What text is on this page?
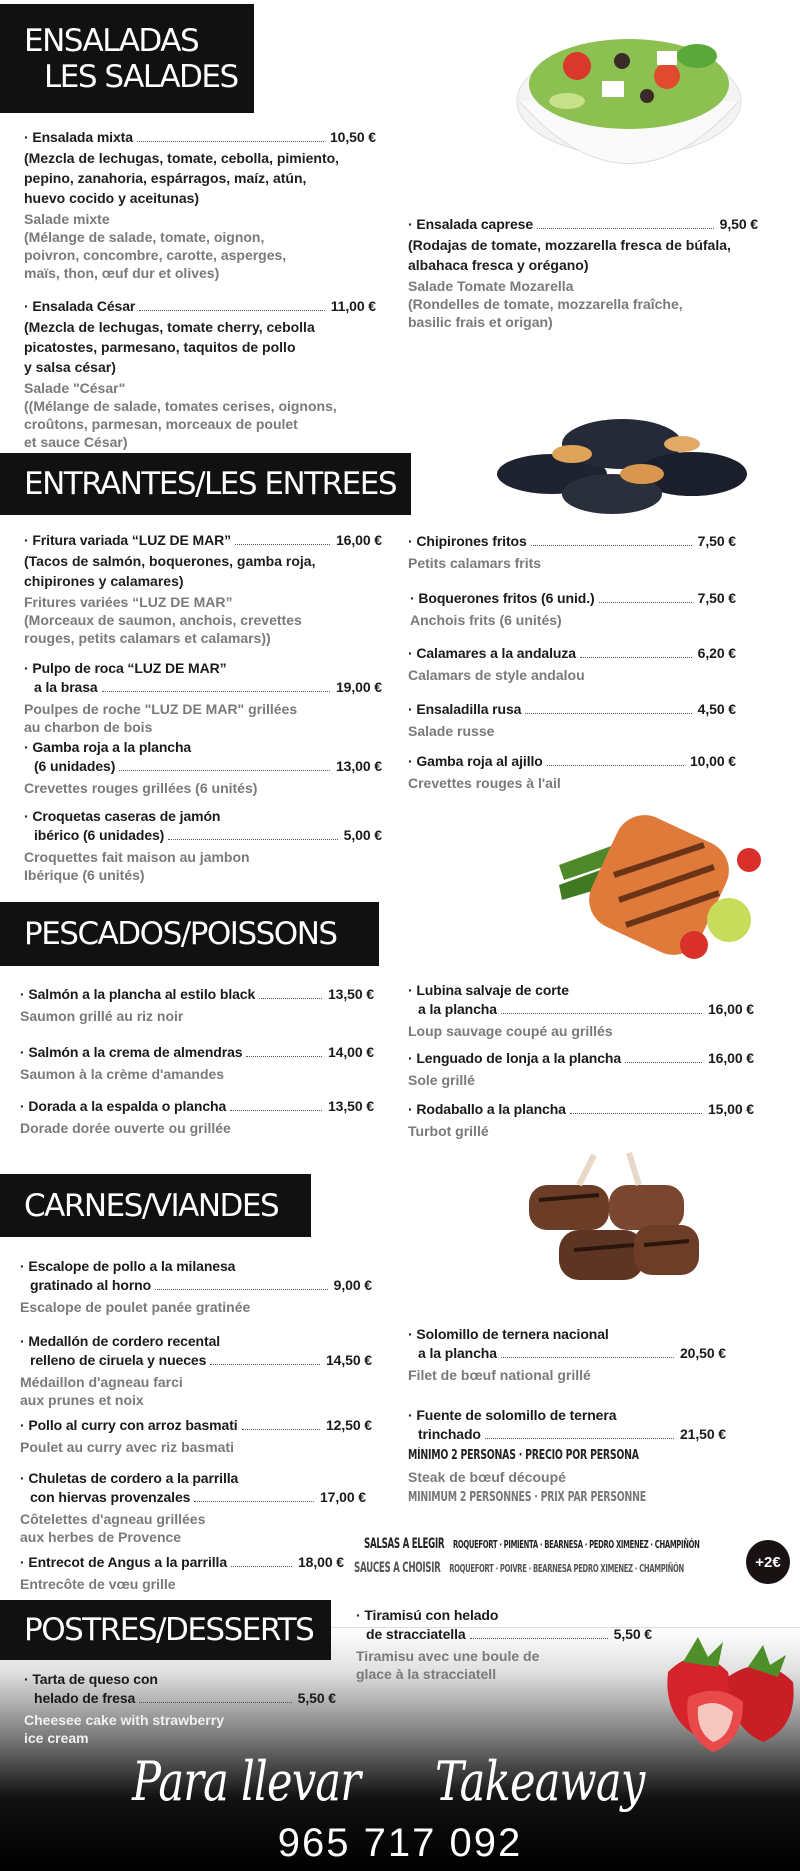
ENSALADAS
LES SALADES
ENTRANTES/LES ENTREES
PESCADOS/POISSONS
CARNES/VIANDES
POSTRES/DESSERTS
· Ensalada mixta	10,50 €
(Mezcla de lechugas, tomate, cebolla, pimiento,
pepino, zanahoria, espárragos, maíz, atún,
huevo cocido y aceitunas)
Salade mixte
(Mélange de salade, tomate, oignon,
poivron, concombre, carotte, asperges,
maïs, thon, œuf dur et olives)
· Ensalada César	11,00 €
(Mezcla de lechugas, tomate cherry, cebolla
picatostes, parmesano, taquitos de pollo
y salsa césar)
Salade "César"
((Mélange de salade, tomates cerises, oignons,
croûtons, parmesan, morceaux de poulet
et sauce César)
· Ensalada caprese	9,50 €
(Rodajas de tomate, mozzarella fresca de búfala,
albahaca fresca y orégano)
Salade Tomate Mozarella
(Rondelles de tomate, mozzarella fraîche,
basilic frais et origan)
· Fritura variada “LUZ DE MAR”	16,00 €
(Tacos de salmón, boquerones, gamba roja,
chipirones y calamares)
Fritures variées “LUZ DE MAR”
(Morceaux de saumon, anchois, crevettes
rouges, petits calamars et calamars))
· Pulpo de roca “LUZ DE MAR”
a la brasa	19,00 €
Poulpes de roche "LUZ DE MAR" grillées
au charbon de bois
· Gamba roja a la plancha
(6 unidades)	13,00 €
Crevettes rouges grillées (6 unités)
· Croquetas caseras de jamón
ibérico (6 unidades)	5,00 €
Croquettes fait maison au jambon
Ibérique (6 unités)
· Chipirones fritos	7,50 €
Petits calamars frits
· Boquerones fritos (6 unid.)	7,50 €
Anchois frits (6 unités)
· Calamares a la andaluza	6,20 €
Calamars de style andalou
· Ensaladilla rusa	4,50 €
Salade russe
· Gamba roja al ajillo	10,00 €
Crevettes rouges à l'ail
· Salmón a la plancha al estilo black	13,50 €
Saumon grillé au riz noir
· Salmón a la crema de almendras	14,00 €
Saumon à la crème d'amandes
· Dorada a la espalda o plancha	13,50 €
Dorade dorée ouverte ou grillée
· Lubina salvaje de corte
a la plancha	16,00 €
Loup sauvage coupé au grillés
· Lenguado de lonja a la plancha	16,00 €
Sole grillé
· Rodaballo a la plancha	15,00 €
Turbot grillé
· Escalope de pollo a la milanesa
gratinado al horno	9,00 €
Escalope de poulet panée gratinée
· Medallón de cordero recental
relleno de ciruela y nueces	14,50 €
Médaillon d'agneau farci
aux prunes et noix
· Pollo al curry con arroz basmati	12,50 €
Poulet au curry avec riz basmati
· Chuletas de cordero a la parrilla
con hiervas provenzales	17,00 €
Côtelettes d'agneau grillées
aux herbes de Provence
· Entrecot de Angus a la parrilla	18,00 €
Entrecôte de vœu grille
· Solomillo de ternera nacional
a la plancha	20,50 €
Filet de bœuf national grillé
· Fuente de solomillo de ternera
trinchado	21,50 €
MÍNIMO 2 PERSONAS · PRECIO POR PERSONA
Steak de bœuf découpé
MINIMUM 2 PERSONNES · PRIX PAR PERSONNE
· Tiramisú con helado
de stracciatella	5,50 €
Tiramisu avec une boule de
glace à la stracciatell
· Tarta de queso con
helado de fresa	5,50 €
Cheesee cake with strawberry
ice cream
SALSAS A ELEGIR ROQUEFORT · PIMIENTA · BEARNESA · PEDRO XIMENEZ · CHAMPIÑÓN
SAUCES A CHOISIR ROQUEFORT · POIVRE · BEARNESA PEDRO XIMENEZ · CHAMPIÑÓN	+2€
Para llevar Takeaway
965 717 092
